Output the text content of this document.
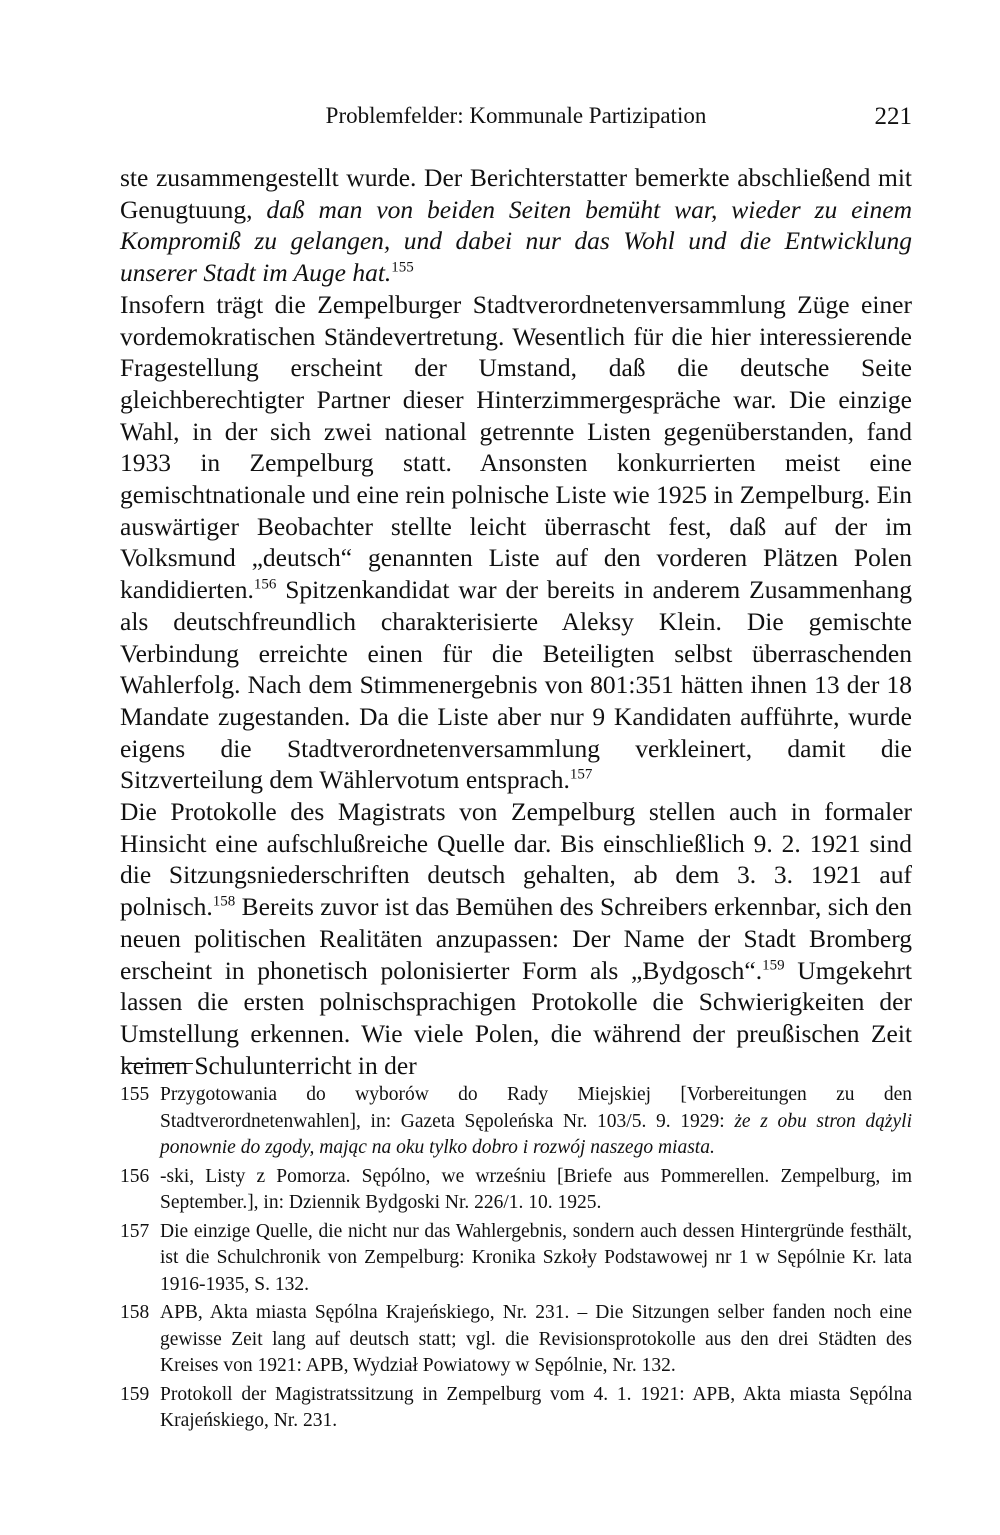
Problemfelder: Kommunale Partizipation	221

ste zusammengestellt wurde. Der Berichterstatter bemerkte abschließend mit Genugtuung, daß man von beiden Seiten bemüht war, wieder zu einem Kompromiß zu gelangen, und dabei nur das Wohl und die Entwicklung unserer Stadt im Auge hat.$^{155}$

Insofern trägt die Zempelburger Stadtverordnetenversammlung Züge einer vordemokratischen Ständevertretung. Wesentlich für die hier interessierende Fragestellung erscheint der Umstand, daß die deutsche Seite gleichberechtigter Partner dieser Hinterzimmergespräche war. Die einzige Wahl, in der sich zwei national getrennte Listen gegenüberstanden, fand 1933 in Zempelburg statt. Ansonsten konkurrierten meist eine gemischtnationale und eine rein polnische Liste wie 1925 in Zempelburg. Ein auswärtiger Beobachter stellte leicht überrascht fest, daß auf der im Volksmund „deutsch“ genannten Liste auf den vorderen Plätzen Polen kandidierten.$^{156}$ Spitzenkandidat war der bereits in anderem Zusammenhang als deutschfreundlich charakterisierte Aleksy Klein. Die gemischte Verbindung erreichte einen für die Beteiligten selbst überraschenden Wahlerfolg. Nach dem Stimmenergebnis von 801:351 hätten ihnen 13 der 18 Mandate zugestanden. Da die Liste aber nur 9 Kandidaten aufführte, wurde eigens die Stadtverordnetenversammlung verkleinert, damit die Sitzverteilung dem Wählervotum entsprach.$^{157}$

Die Protokolle des Magistrats von Zempelburg stellen auch in formaler Hinsicht eine aufschlußreiche Quelle dar. Bis einschließlich 9. 2. 1921 sind die Sitzungsniederschriften deutsch gehalten, ab dem 3. 3. 1921 auf polnisch.$^{158}$ Bereits zuvor ist das Bemühen des Schreibers erkennbar, sich den neuen politischen Realitäten anzupassen: Der Name der Stadt Bromberg erscheint in phonetisch polonisierter Form als „Bydgosch“.$^{159}$ Umgekehrt lassen die ersten polnischsprachigen Protokolle die Schwierigkeiten der Umstellung erkennen. Wie viele Polen, die während der preußischen Zeit keinen Schulunterricht in der

155 Przygotowania do wyborów do Rady Miejskiej [Vorbereitungen zu den Stadtverordnetenwahlen], in: Gazeta Sępoleńska Nr. 103/5. 9. 1929: że z obu stron dążyli ponownie do zgody, mając na oku tylko dobro i rozwój naszego miasta.
156 -ski, Listy z Pomorza. Sępólno, we wrześniu [Briefe aus Pommerellen. Zempelburg, im September.], in: Dziennik Bydgoski Nr. 226/1. 10. 1925.
157 Die einzige Quelle, die nicht nur das Wahlergebnis, sondern auch dessen Hintergründe festhält, ist die Schulchronik von Zempelburg: Kronika Szkoły Podstawowej nr 1 w Sępólnie Kr. lata 1916-1935, S. 132.
158 APB, Akta miasta Sępólna Krajeńskiego, Nr. 231. – Die Sitzungen selber fanden noch eine gewisse Zeit lang auf deutsch statt; vgl. die Revisionsprotokolle aus den drei Städten des Kreises von 1921: APB, Wydział Powiatowy w Sępólnie, Nr. 132.
159 Protokoll der Magistratssitzung in Zempelburg vom 4. 1. 1921: APB, Akta miasta Sępólna Krajeńskiego, Nr. 231.
